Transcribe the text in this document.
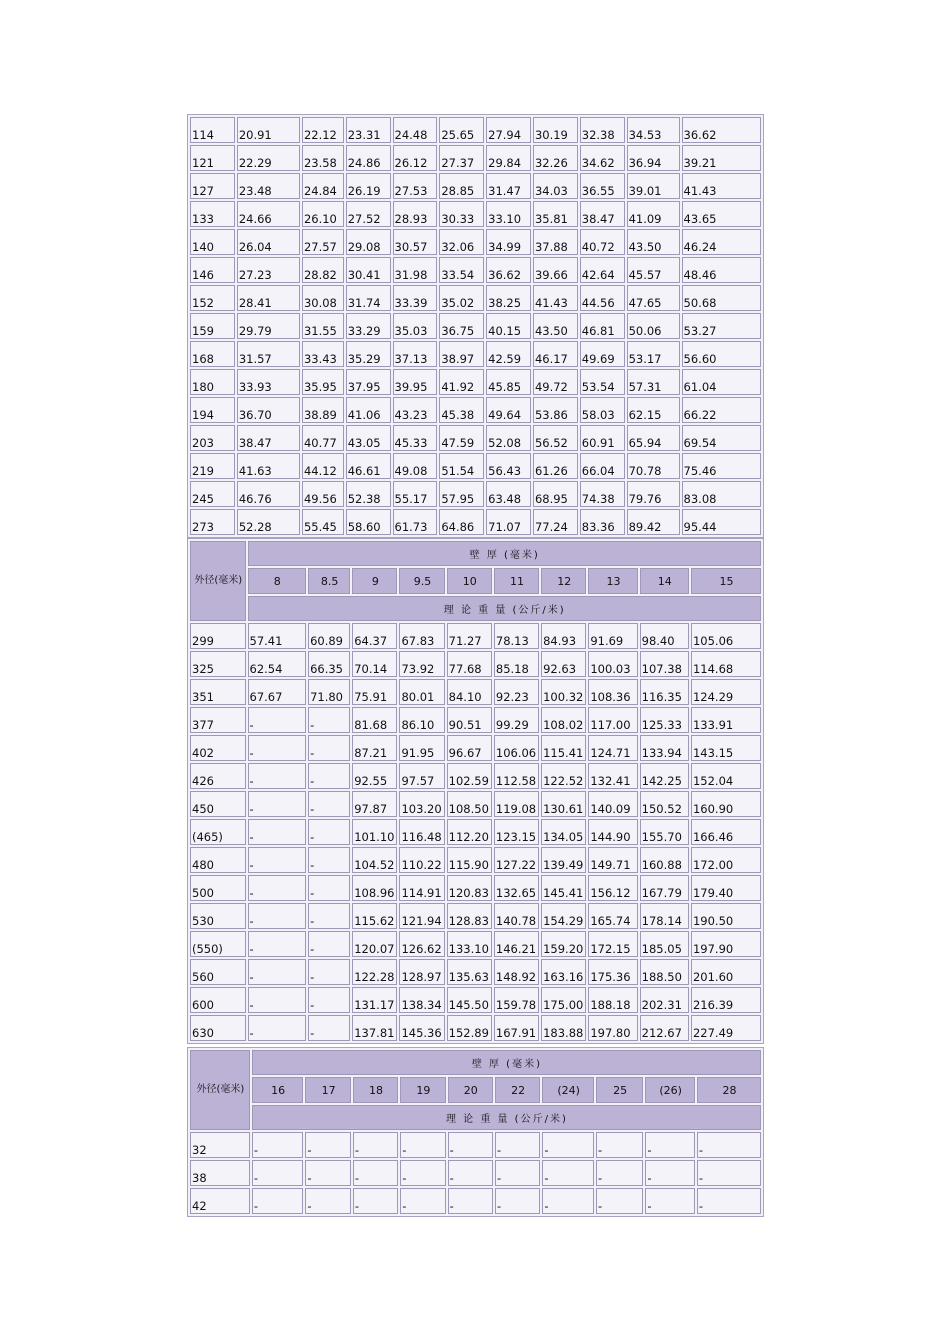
114	20.91	22.12	23.31	24.48	25.65	27.94	30.19	32.38	34.53	36.62
121	22.29	23.58	24.86	26.12	27.37	29.84	32.26	34.62	36.94	39.21
127	23.48	24.84	26.19	27.53	28.85	31.47	34.03	36.55	39.01	41.43
133	24.66	26.10	27.52	28.93	30.33	33.10	35.81	38.47	41.09	43.65
140	26.04	27.57	29.08	30.57	32.06	34.99	37.88	40.72	43.50	46.24
146	27.23	28.82	30.41	31.98	33.54	36.62	39.66	42.64	45.57	48.46
152	28.41	30.08	31.74	33.39	35.02	38.25	41.43	44.56	47.65	50.68
159	29.79	31.55	33.29	35.03	36.75	40.15	43.50	46.81	50.06	53.27
168	31.57	33.43	35.29	37.13	38.97	42.59	46.17	49.69	53.17	56.60
180	33.93	35.95	37.95	39.95	41.92	45.85	49.72	53.54	57.31	61.04
194	36.70	38.89	41.06	43.23	45.38	49.64	53.86	58.03	62.15	66.22
203	38.47	40.77	43.05	45.33	47.59	52.08	56.52	60.91	65.94	69.54
219	41.63	44.12	46.61	49.08	51.54	56.43	61.26	66.04	70.78	75.46
245	46.76	49.56	52.38	55.17	57.95	63.48	68.95	74.38	79.76	83.08
273	52.28	55.45	58.60	61.73	64.86	71.07	77.24	83.36	89.42	95.44
外径(毫米)	壁 厚 (毫米)									
	8	8.5	9	9.5	10	11	12	13	14	15
	理 论 重 量 (公斤/米)									
299	57.41	60.89	64.37	67.83	71.27	78.13	84.93	91.69	98.40	105.06
325	62.54	66.35	70.14	73.92	77.68	85.18	92.63	100.03	107.38	114.68
351	67.67	71.80	75.91	80.01	84.10	92.23	100.32	108.36	116.35	124.29
377	-	-	81.68	86.10	90.51	99.29	108.02	117.00	125.33	133.91
402	-	-	87.21	91.95	96.67	106.06	115.41	124.71	133.94	143.15
426	-	-	92.55	97.57	102.59	112.58	122.52	132.41	142.25	152.04
450	-	-	97.87	103.20	108.50	119.08	130.61	140.09	150.52	160.90
(465)	-	-	101.10	116.48	112.20	123.15	134.05	144.90	155.70	166.46
480	-	-	104.52	110.22	115.90	127.22	139.49	149.71	160.88	172.00
500	-	-	108.96	114.91	120.83	132.65	145.41	156.12	167.79	179.40
530	-	-	115.62	121.94	128.83	140.78	154.29	165.74	178.14	190.50
(550)	-	-	120.07	126.62	133.10	146.21	159.20	172.15	185.05	197.90
560	-	-	122.28	128.97	135.63	148.92	163.16	175.36	188.50	201.60
600	-	-	131.17	138.34	145.50	159.78	175.00	188.18	202.31	216.39
630	-	-	137.81	145.36	152.89	167.91	183.88	197.80	212.67	227.49
外径(毫米)	壁 厚 (毫米)									
	16	17	18	19	20	22	(24)	25	(26)	28
	理 论 重 量 (公斤/米)									
32	-	-	-	-	-	-	-	-	-	-
38	-	-	-	-	-	-	-	-	-	-
42	-	-	-	-	-	-	-	-	-	-
